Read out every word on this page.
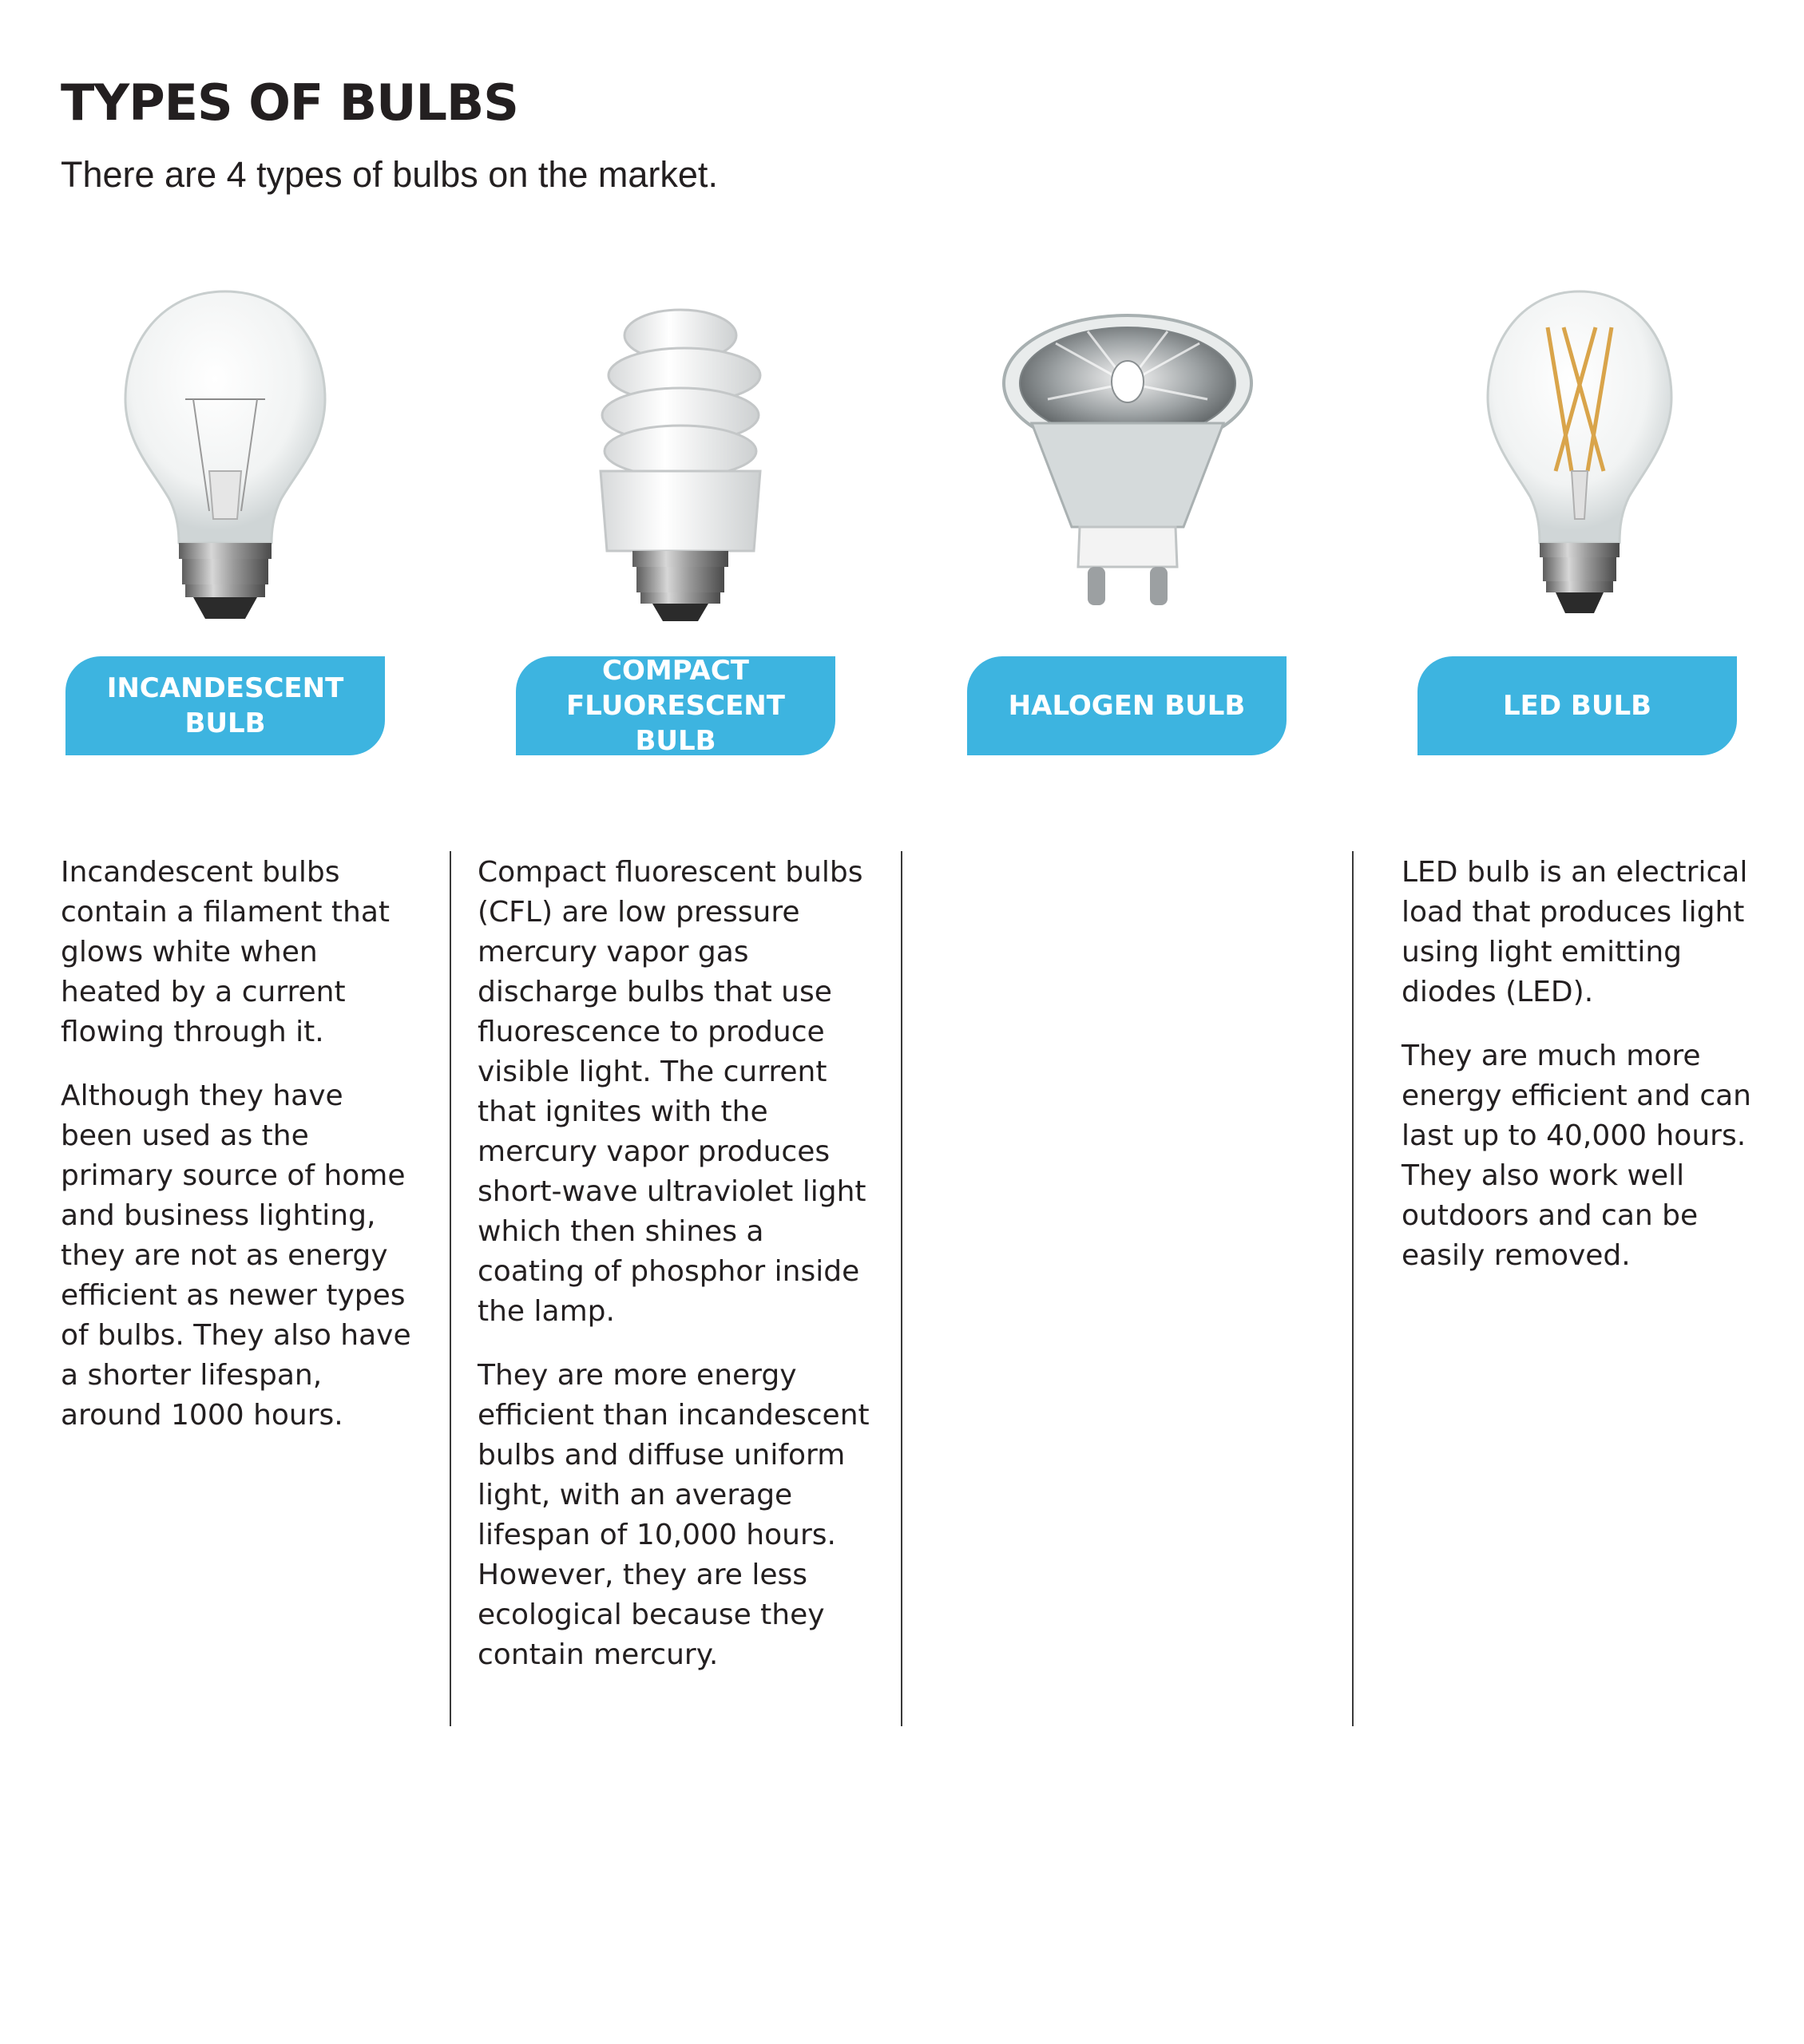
TYPES OF BULBS
There are 4 types of bulbs on the market.
INCANDESCENT
BULB
COMPACT
FLUORESCENT BULB
HALOGEN BULB	LED BULB

Incandescent bulbs contain a filament that glows white when heated by a current flowing through it.

Although they have been used as the primary source of home and business lighting, they are not as energy efficient as newer types of bulbs. They also have a shorter lifespan, around 1000 hours.

Compact fluorescent bulbs (CFL) are low pressure mercury vapor gas discharge bulbs that use fluorescence to produce visible light. The current that ignites with the mercury vapor produces short-wave ultraviolet light which then shines a coating of phosphor inside the lamp.

They are more energy efficient than incandescent bulbs and diffuse uniform light, with an average lifespan of 10,000 hours. However, they are less ecological because they contain mercury.

LED bulb is an electrical load that produces light using light emitting diodes (LED).

They are much more energy efficient and can last up to 40,000 hours. They also work well outdoors and can be easily removed.
